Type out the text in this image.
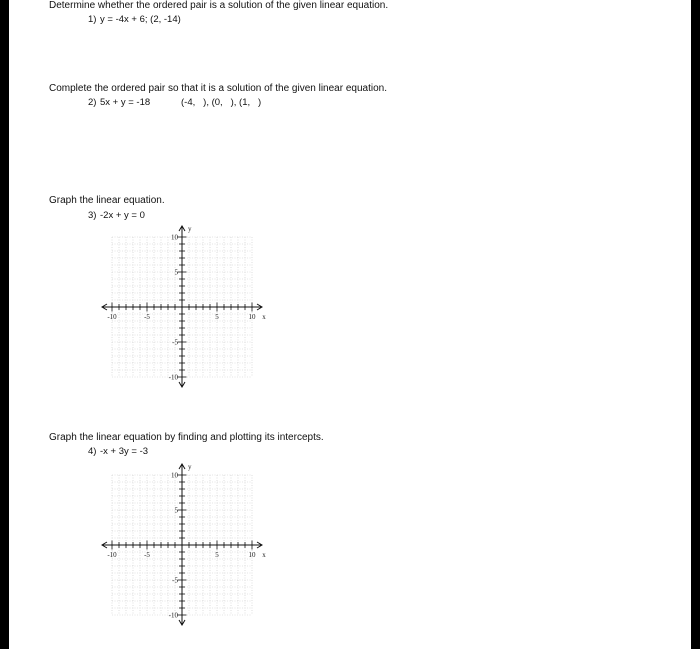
Determine whether the ordered pair is a solution of the given linear equation.
1) y = -4x + 6; (2, -14)
Complete the ordered pair so that it is a solution of the given linear equation.
2) 5x + y = -18	(-4,   ), (0,   ), (1,   )
Graph the linear equation.
3) -2x + y = 0
-10	-5	5	10
10
5
-5
-10
x
y
Graph the linear equation by finding and plotting its intercepts.
4) -x + 3y = -3
-10	-5	5	10
10
5
-5
-10
x
y
